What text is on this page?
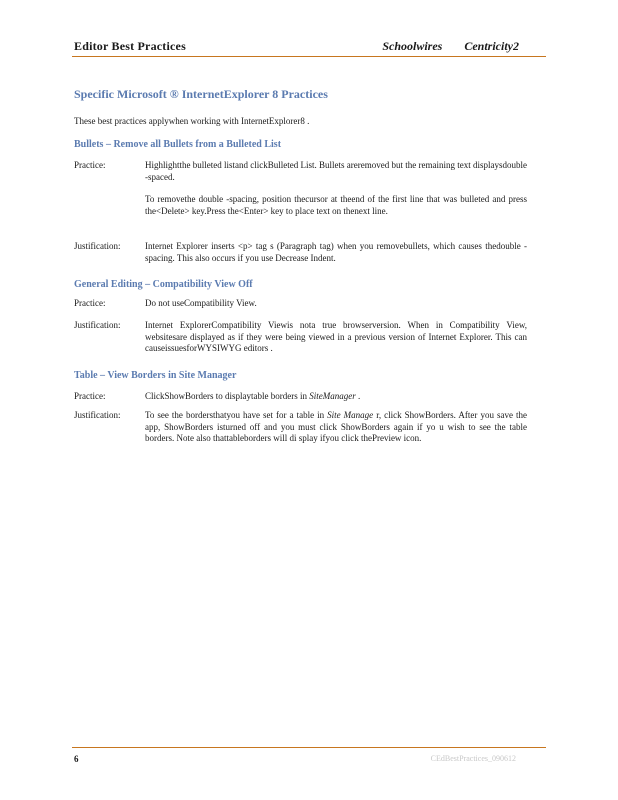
Editor Best Practices	Schoolwires Centricity2
Specific Microsoft ® InternetExplorer 8 Practices
These best practices applywhen working with InternetExplorer8 .
Bullets – Remove all Bullets from a Bulleted List
Practice:	Highlightthe bulleted listand clickBulleted List. Bullets areremoved but the remaining text displaysdouble -spaced.
To removethe double -spacing, position thecursor at theend of the first line that was bulleted and press the<Delete> key.Press the<Enter> key to place text on thenext line.
Justification:	Internet Explorer inserts <p> tag s (Paragraph tag) when you removebullets, which causes thedouble - spacing. This also occurs if you use Decrease Indent.
General Editing – Compatibility View Off
Practice:	Do not useCompatibility View.
Justification:	Internet ExplorerCompatibility Viewis nota true browserversion. When in Compatibility View, websitesare displayed as if they were being viewed in a previous version of Internet Explorer. This can causeissuesforWYSIWYG editors .
Table – View Borders in Site Manager
Practice:	ClickShowBorders to displaytable borders in SiteManager .
Justification:	To see the bordersthatyou have set for a table in Site Manage r, click ShowBorders. After you save the app, ShowBorders isturned off and you must click ShowBorders again if yo u wish to see the table borders. Note also thattableborders will di splay ifyou click thePreview icon.
6	CEdBestPractices_090612
